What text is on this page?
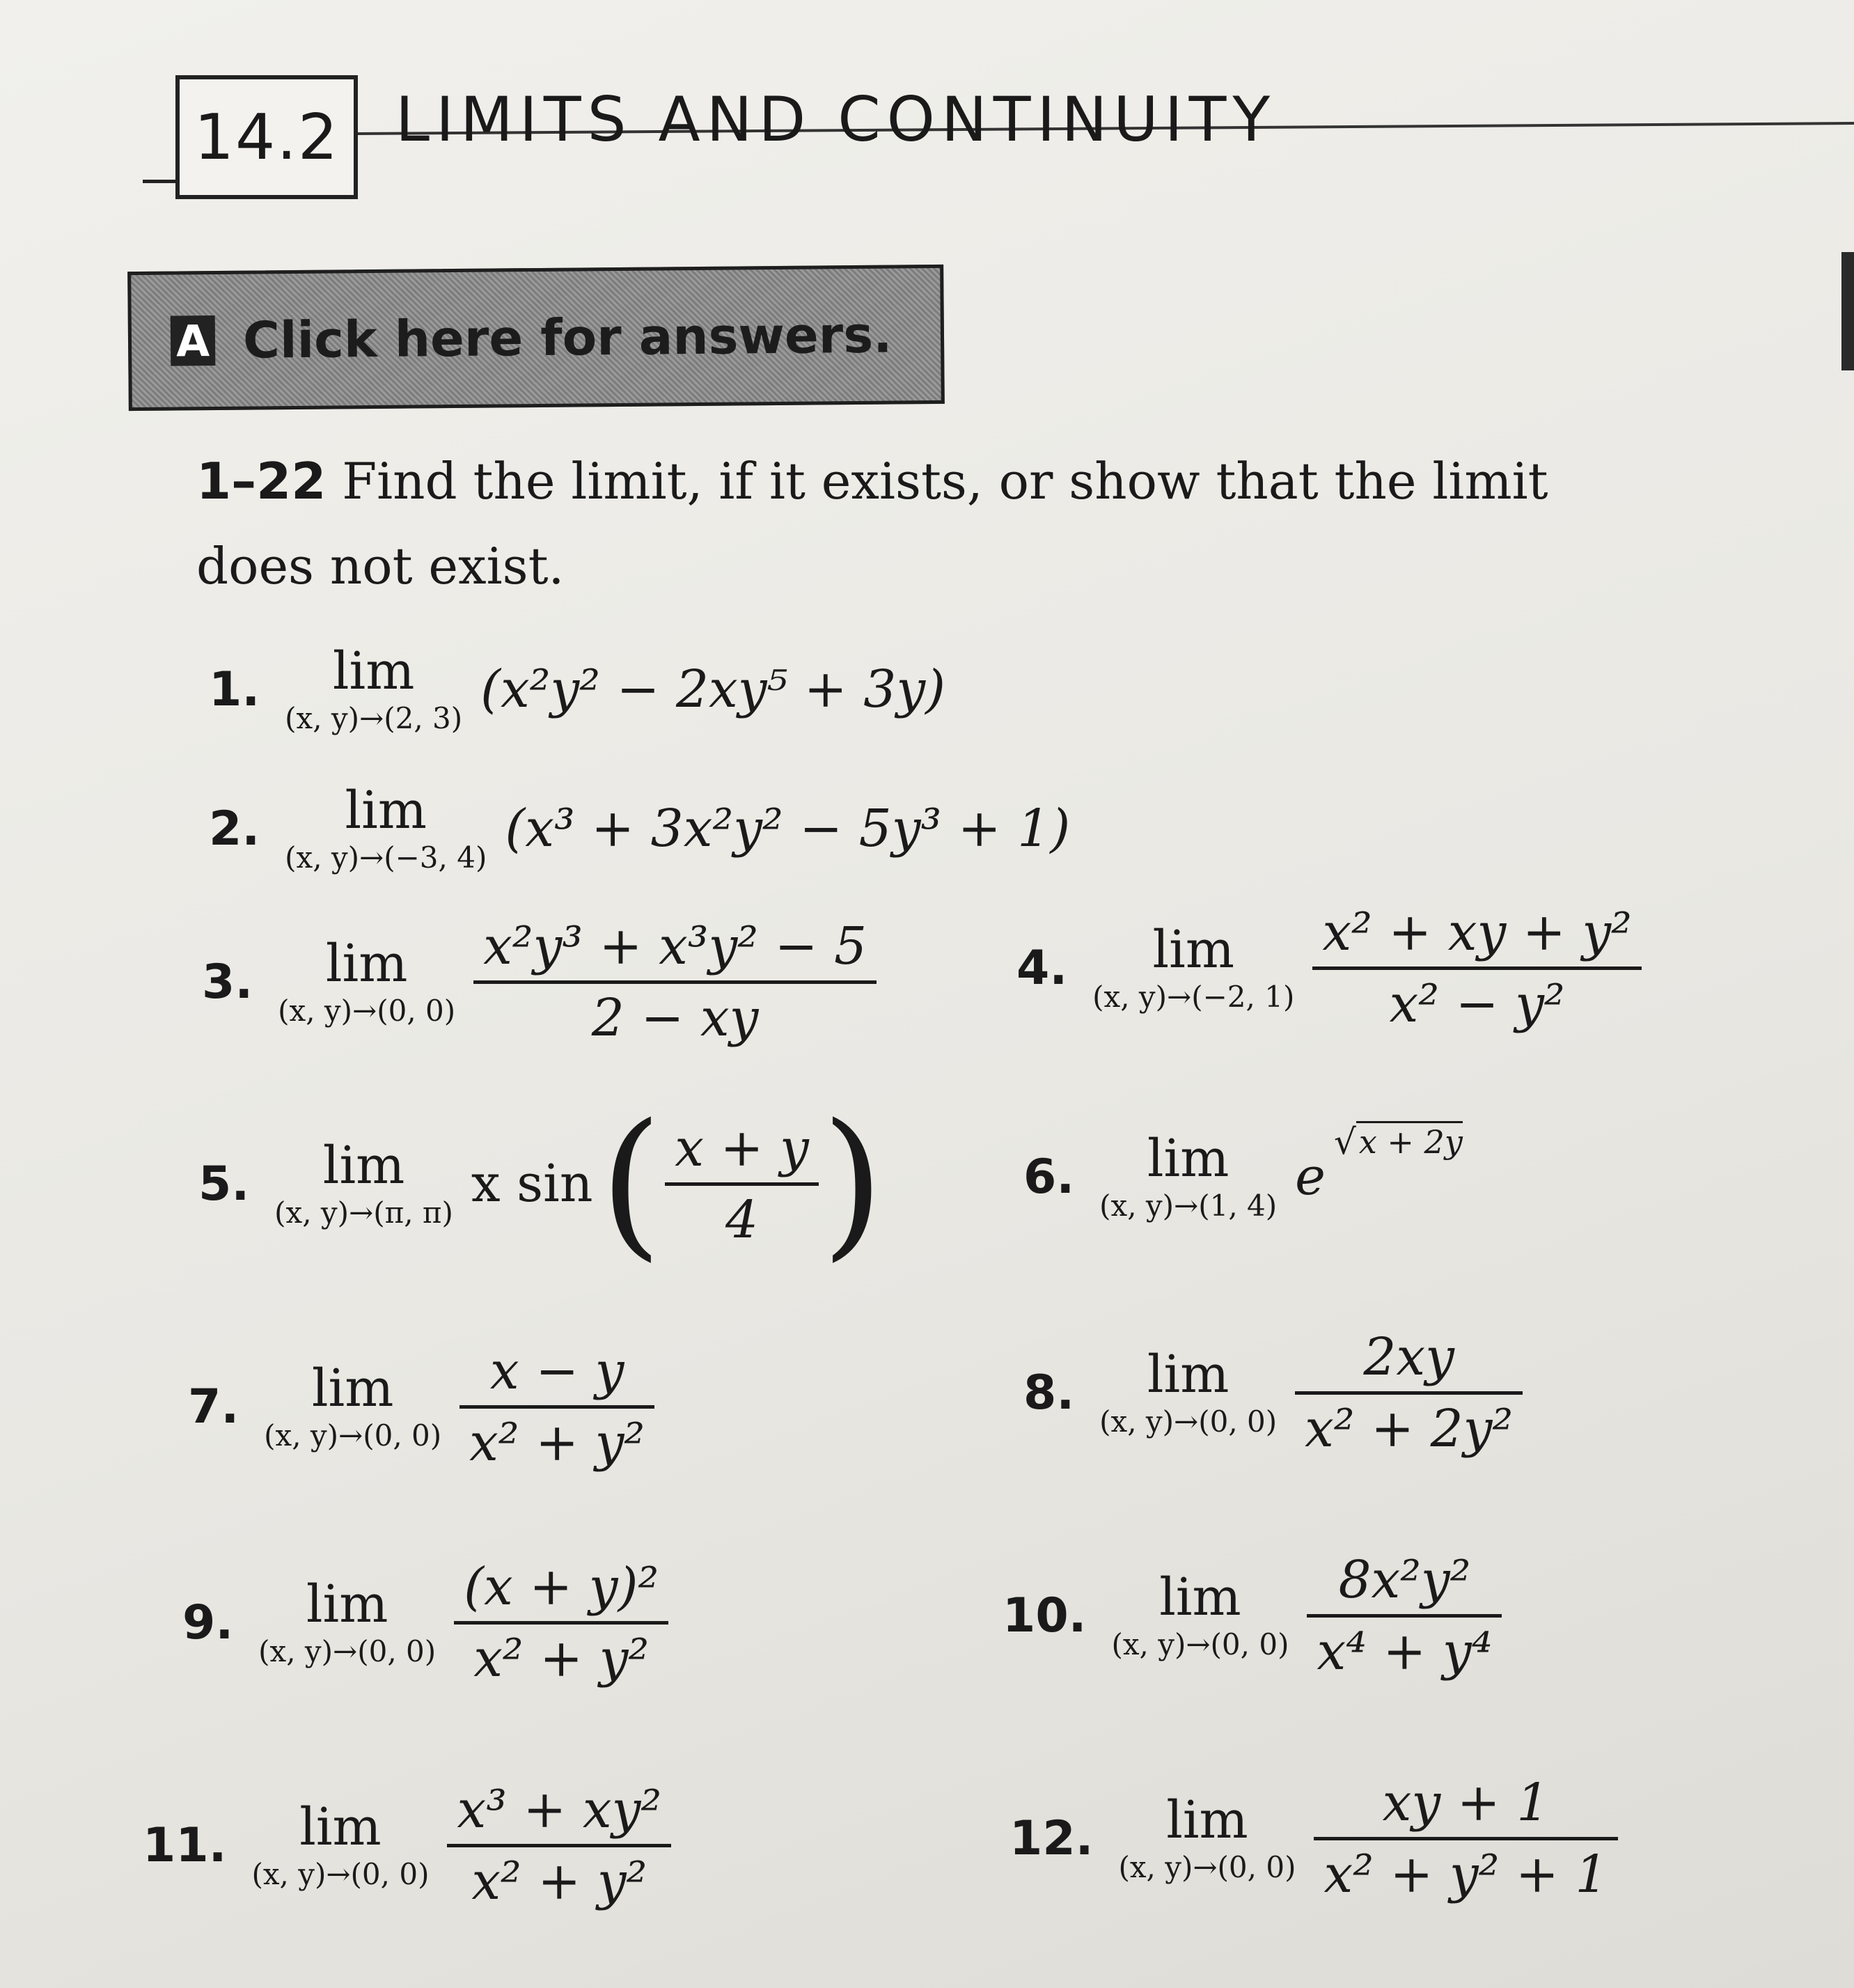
14.2 LIMITS AND CONTINUITY
A Click here for answers.
1–22 Find the limit, if it exists, or show that the limit does not exist.
1. lim
(x, y)→(2, 3) (x²y² − 2xy⁵ + 3y)
2. lim
(x, y)→(−3, 4) (x³ + 3x²y² − 5y³ + 1)
3. lim
(x, y)→(0, 0)
x²y³ + x³y² − 5
2 − xy
4. lim
(x, y)→(−2, 1)
x² + xy + y²
x² − y²
5. lim
(x, y)→(π, π) x sin ( x + y
4 )	6. lim
(x, y)→(1, 4) e
√ x + 2y
7. lim
(x, y)→(0, 0)
x − y
x² + y²
8. lim
(x, y)→(0, 0)
2xy
x² + 2y²
9. lim
(x, y)→(0, 0)
(x + y)²
x² + y²
10. lim
(x, y)→(0, 0)
8x²y²
x⁴ + y⁴
11. lim
(x, y)→(0, 0)
x³ + xy²
x² + y²
12. lim
(x, y)→(0, 0)
xy + 1
x² + y² + 1
